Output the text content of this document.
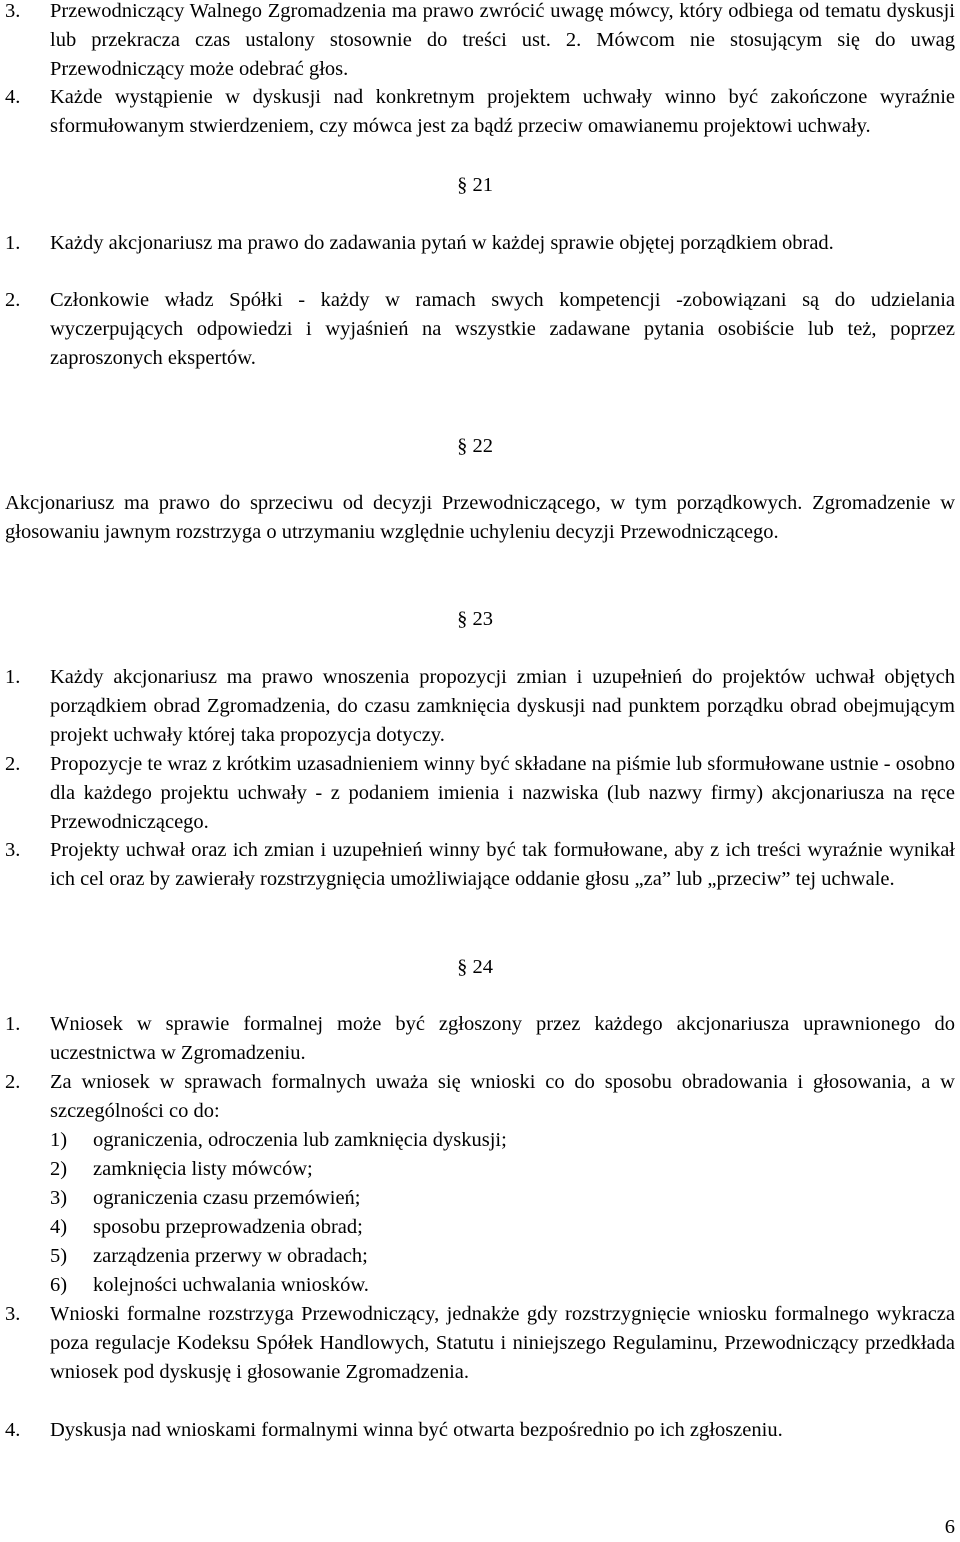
3.	Przewodniczący Walnego Zgromadzenia ma prawo zwrócić uwagę mówcy, który odbiega od tematu dyskusji lub przekracza czas ustalony stosownie do treści ust. 2. Mówcom nie stosującym się do uwag Przewodniczący może odebrać głos.
4.	Każde wystąpienie w dyskusji nad konkretnym projektem uchwały winno być zakończone wyraźnie sformułowanym stwierdzeniem, czy mówca jest za bądź przeciw omawianemu projektowi uchwały.
§ 21
1.	Każdy akcjonariusz ma prawo do zadawania pytań w każdej sprawie objętej porządkiem obrad.
2.	Członkowie władz Spółki - każdy w ramach swych kompetencji -zobowiązani są do udzielania wyczerpujących odpowiedzi i wyjaśnień na wszystkie zadawane pytania osobiście lub też, poprzez zaproszonych ekspertów.
§ 22
Akcjonariusz ma prawo do sprzeciwu od decyzji Przewodniczącego, w tym porządkowych. Zgromadzenie w głosowaniu jawnym rozstrzyga o utrzymaniu względnie uchyleniu decyzji Przewodniczącego.
§ 23
1.	Każdy akcjonariusz ma prawo wnoszenia propozycji zmian i uzupełnień do projektów uchwał objętych porządkiem obrad Zgromadzenia, do czasu zamknięcia dyskusji nad punktem porządku obrad obejmującym projekt uchwały której taka propozycja dotyczy.
2.	Propozycje te wraz z krótkim uzasadnieniem winny być składane na piśmie lub sformułowane ustnie - osobno dla każdego projektu uchwały - z podaniem imienia i nazwiska (lub nazwy firmy) akcjonariusza na ręce Przewodniczącego.
3.	Projekty uchwał oraz ich zmian i uzupełnień winny być tak formułowane, aby z ich treści wyraźnie wynikał ich cel oraz by zawierały rozstrzygnięcia umożliwiające oddanie głosu „za” lub „przeciw” tej uchwale.
§ 24
1.	Wniosek w sprawie formalnej może być zgłoszony przez każdego akcjonariusza uprawnionego do uczestnictwa w Zgromadzeniu.
2.	Za wniosek w sprawach formalnych uważa się wnioski co do sposobu obradowania i głosowania, a w szczególności co do:
1)	ograniczenia, odroczenia lub zamknięcia dyskusji;
2)	zamknięcia listy mówców;
3)	ograniczenia czasu przemówień;
4)	sposobu przeprowadzenia obrad;
5)	zarządzenia przerwy w obradach;
6)	kolejności uchwalania wniosków.
3.	Wnioski formalne rozstrzyga Przewodniczący, jednakże gdy rozstrzygnięcie wniosku formalnego wykracza poza regulacje Kodeksu Spółek Handlowych, Statutu i niniejszego Regulaminu, Przewodniczący przedkłada wniosek pod dyskusję i głosowanie Zgromadzenia.
4.	Dyskusja nad wnioskami formalnymi winna być otwarta bezpośrednio po ich zgłoszeniu.
6
